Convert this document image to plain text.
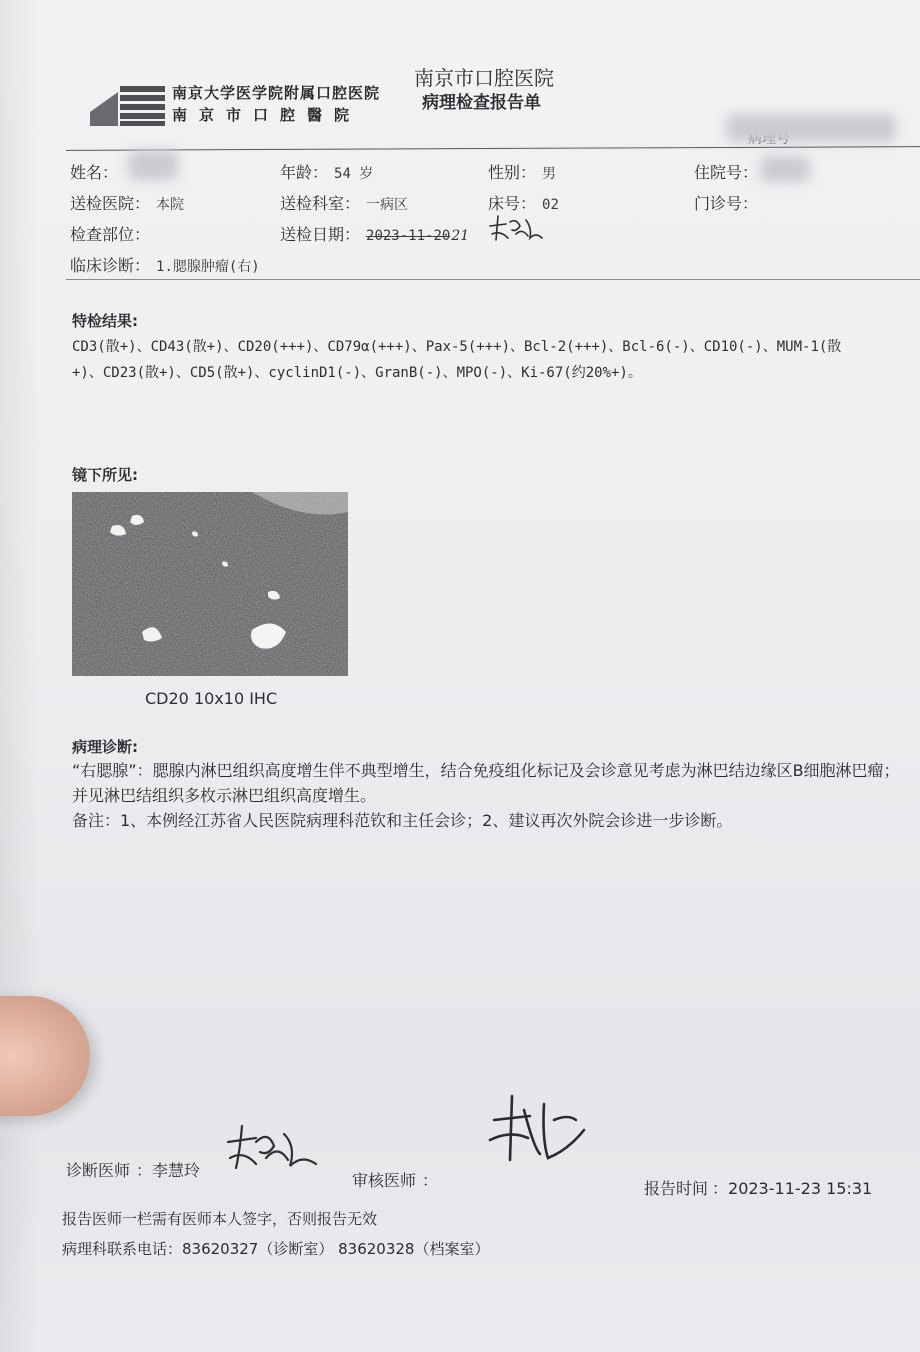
南京大学医学院附属口腔医院
南京市口腔醫院
南京市口腔医院
病理检查报告单
姓名：	年龄： 54 岁	性别： 男	住院号：
送检医院： 本院	送检科室： 一病区	床号： 02	门诊号：
检查部位：	送检日期： 2023-11-2021
临床诊断： 1.腮腺肿瘤(右)
特检结果:
CD3(散+)、CD43(散+)、CD20(+++)、CD79α(+++)、Pax-5(+++)、Bcl-2(+++)、Bcl-6(-)、CD10(-)、MUM-1(散+)、CD23(散+)、CD5(散+)、cyclinD1(-)、GranB(-)、MPO(-)、Ki-67(约20%+)。
镜下所见:
CD20 10x10 IHC
病理诊断:
“右腮腺”：腮腺内淋巴组织高度增生伴不典型增生，结合免疫组化标记及会诊意见考虑为淋巴结边缘区B细胞淋巴瘤；并见淋巴结组织多枚示淋巴组织高度增生。
备注：1、本例经江苏省人民医院病理科范钦和主任会诊；2、建议再次外院会诊进一步诊断。
诊断医师 ：李慧玲
审核医师 ：	报告时间 ：2023-11-23 15:31
报告医师一栏需有医师本人签字，否则报告无效
病理科联系电话：83620327（诊断室） 83620328（档案室）
